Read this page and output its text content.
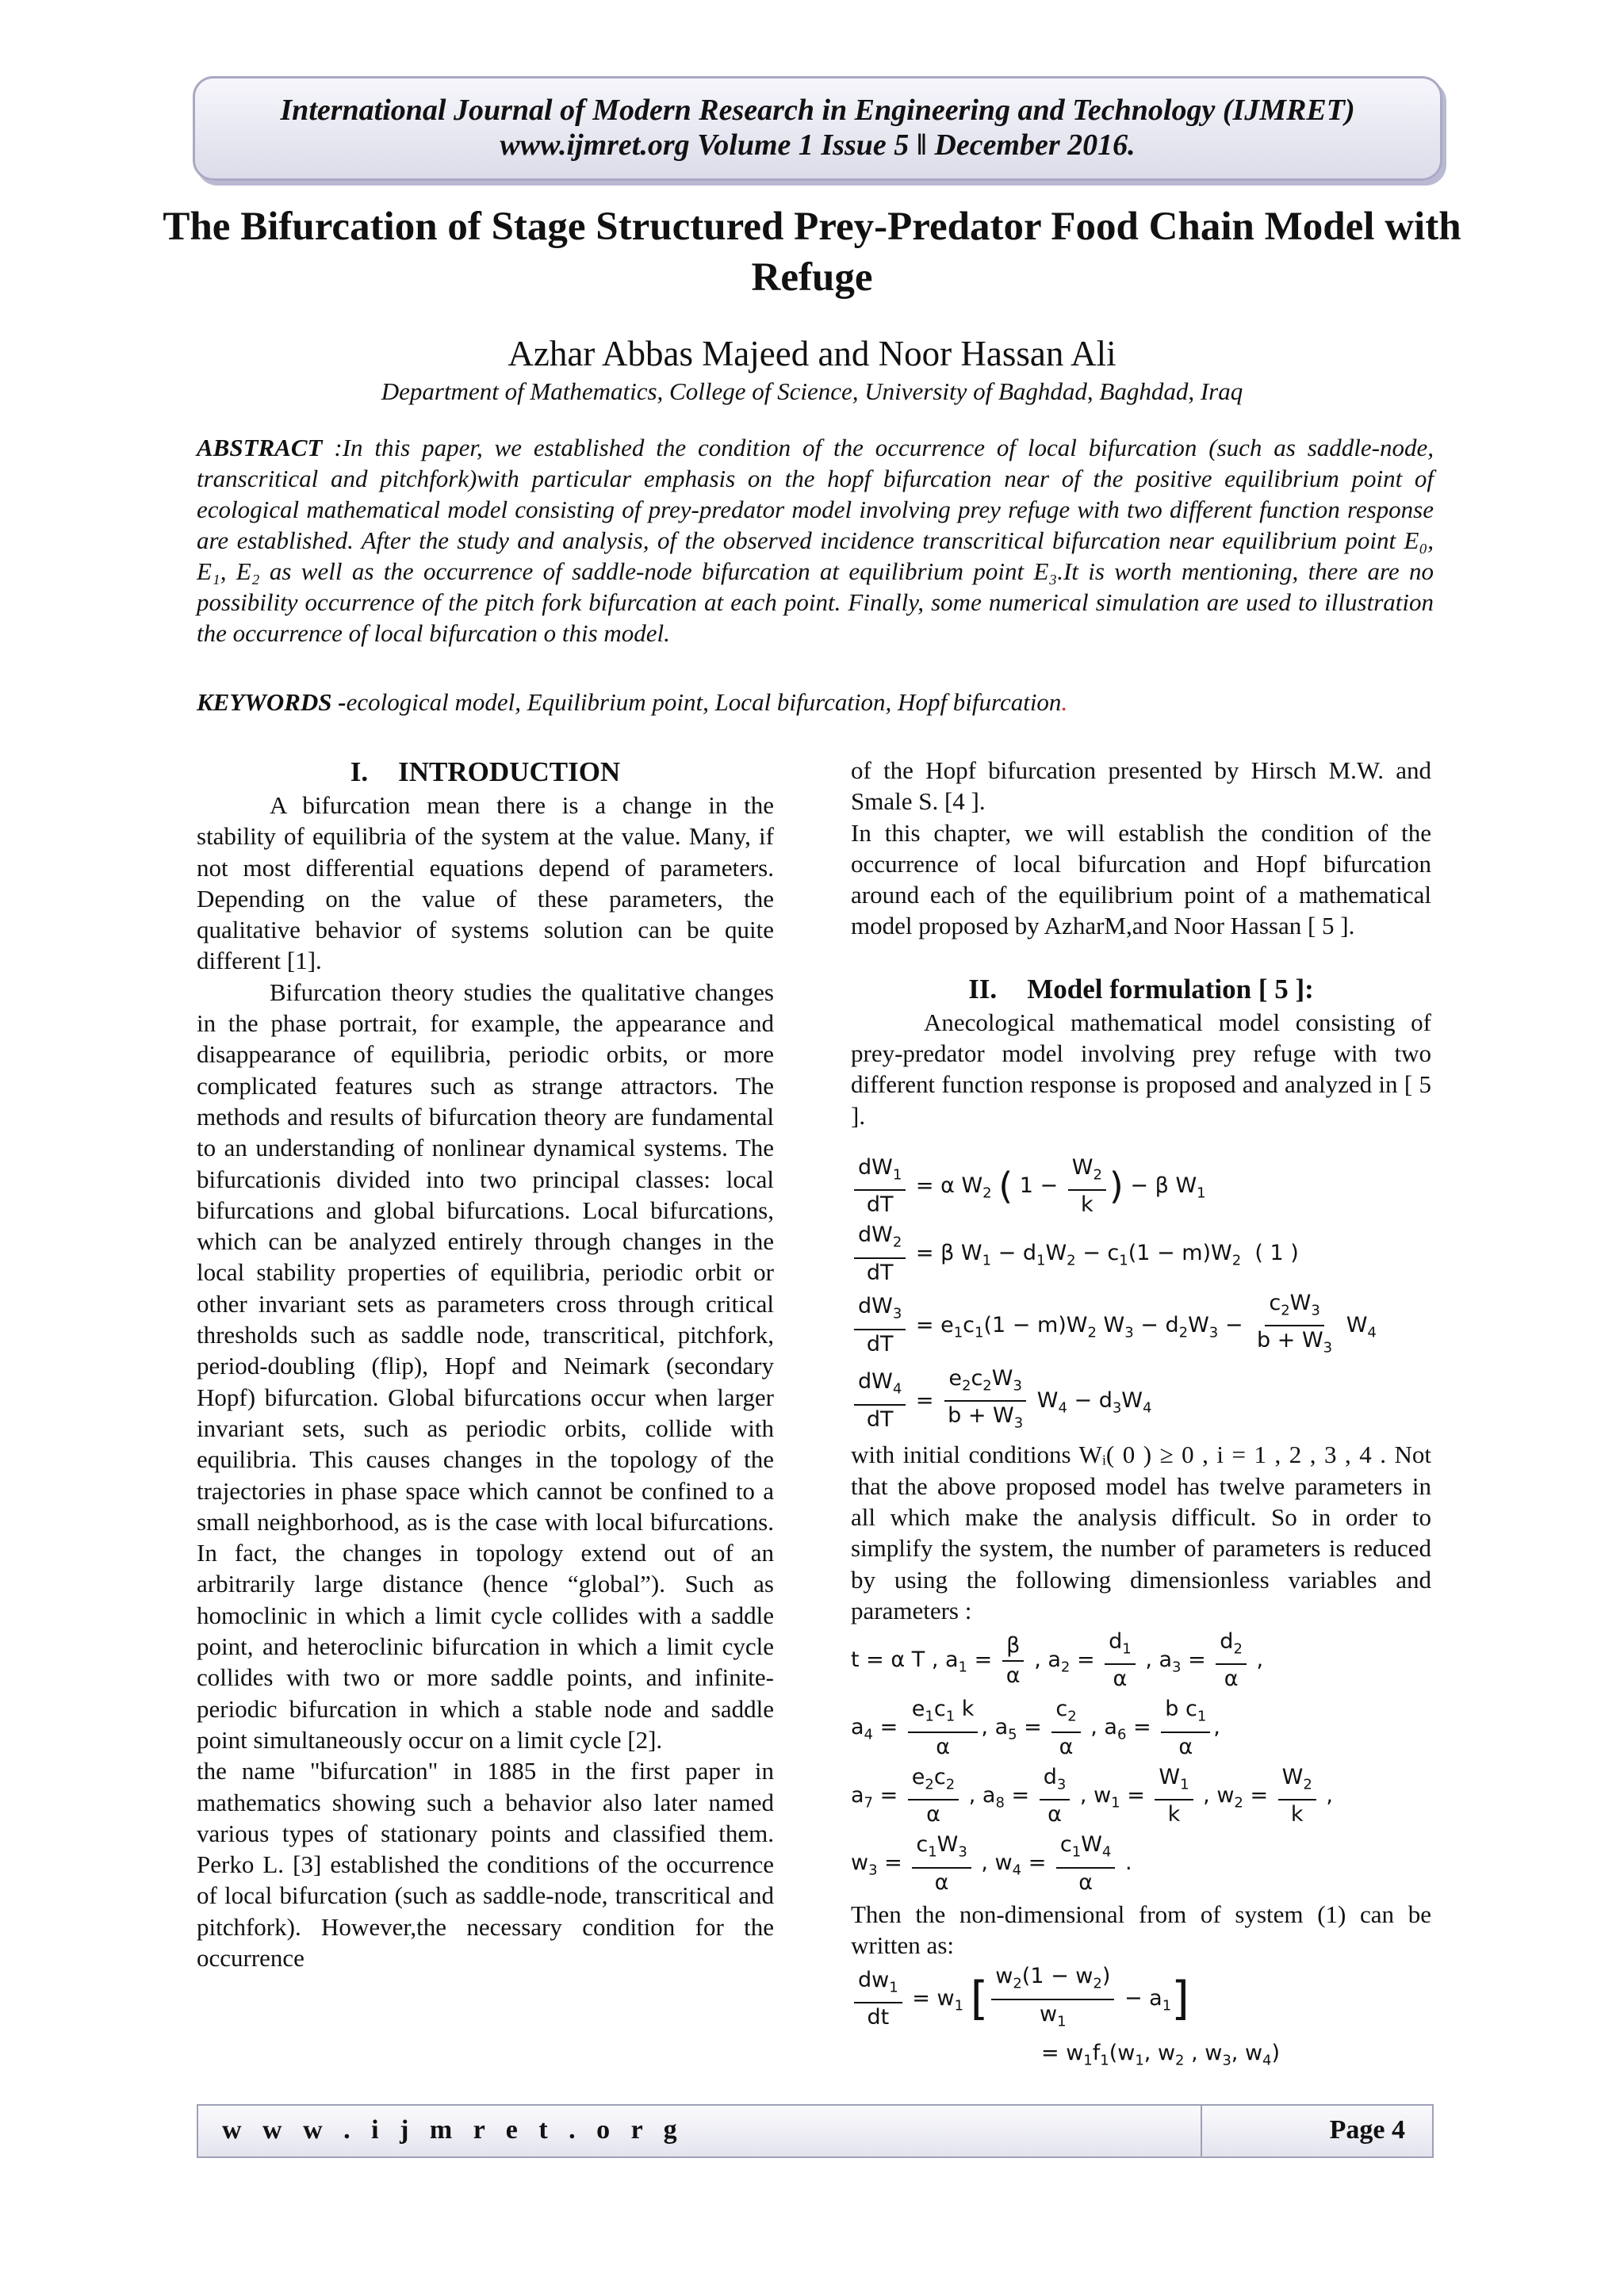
International Journal of Modern Research in Engineering and Technology (IJMRET)
www.ijmret.org Volume 1 Issue 5 ǁ December 2016.
The Bifurcation of Stage Structured Prey-Predator Food Chain Model with Refuge
Azhar Abbas Majeed and Noor Hassan Ali
Department of Mathematics, College of Science, University of Baghdad, Baghdad, Iraq
ABSTRACT :In this paper, we established the condition of the occurrence of local bifurcation (such as saddle-node, transcritical and pitchfork)with particular emphasis on the hopf bifurcation near of the positive equilibrium point of ecological mathematical model consisting of prey-predator model involving prey refuge with two different function response are established. After the study and analysis, of the observed incidence transcritical bifurcation near equilibrium point E₀, E₁, E₂ as well as the occurrence of saddle-node bifurcation at equilibrium point E₃.It is worth mentioning, there are no possibility occurrence of the pitch fork bifurcation at each point. Finally, some numerical simulation are used to illustration the occurrence of local bifurcation o this model.
KEYWORDS -ecological model, Equilibrium point, Local bifurcation, Hopf bifurcation.
I. INTRODUCTION

A bifurcation mean there is a change in the stability of equilibria of the system at the value. Many, if not most differential equations depend of parameters. Depending on the value of these parameters, the qualitative behavior of systems solution can be quite different [1].

Bifurcation theory studies the qualitative changes in the phase portrait, for example, the appearance and disappearance of equilibria, periodic orbits, or more complicated features such as strange attractors. The methods and results of bifurcation theory are fundamental to an understanding of nonlinear dynamical systems. The bifurcationis divided into two principal classes: local bifurcations and global bifurcations. Local bifurcations, which can be analyzed entirely through changes in the local stability properties of equilibria, periodic orbit or other invariant sets as parameters cross through critical thresholds such as saddle node, transcritical, pitchfork, period-doubling (flip), Hopf and Neimark (secondary Hopf) bifurcation. Global bifurcations occur when larger invariant sets, such as periodic orbits, collide with equilibria. This causes changes in the topology of the trajectories in phase space which cannot be confined to a small neighborhood, as is the case with local bifurcations. In fact, the changes in topology extend out of an arbitrarily large distance (hence “global”). Such as homoclinic in which a limit cycle collides with a saddle point, and heteroclinic bifurcation in which a limit cycle collides with two or more saddle points, and infinite-periodic bifurcation in which a stable node and saddle point simultaneously occur on a limit cycle [2].

the name "bifurcation" in 1885 in the first paper in mathematics showing such a behavior also later named various types of stationary points and classified them. Perko L. [3] established the conditions of the occurrence of local bifurcation (such as saddle-node, transcritical and pitchfork). However,the necessary condition for the occurrence

of the Hopf bifurcation presented by Hirsch M.W. and Smale S. [4 ].

In this chapter, we will establish the condition of the occurrence of local bifurcation and Hopf bifurcation around each of the equilibrium point of a mathematical model proposed by AzharM,and Noor Hassan [ 5 ].

II. Model formulation [ 5 ]:

Anecological mathematical model consisting of prey-predator model involving prey refuge with two different function response is proposed and analyzed in [ 5 ].

$\frac{dW_1}{dT} = \alpha$ $W_2$ ( $1 - \frac{W_2}{k}$ ) − β $W_1$
$\frac{dW_2}{dT} = \beta$ $W_1 - d_1W_2 - c_1(1 - m)W_2$ ( 1 )
$\frac{dW_3}{dT} = e_1c_1(1 - m)W_2$ $W_3 - d_2W_3 - \frac{c_2W_3}{b + W_3} W_4$
$\frac{dW_4}{dT} = \frac{e_2c_2W_3}{b + W_3} W_4 - d_3W_4$

with initial conditions Wᵢ( 0 ) ≥ 0 , i = 1 , 2 , 3 , 4 . Not that the above proposed model has twelve parameters in all which make the analysis difficult. So in order to simplify the system, the number of parameters is reduced by using the following dimensionless variables and parameters :

t = α T , $a_1 = \frac{\beta}{\alpha}$ , $a_2 = \frac{d_1}{\alpha}$ , $a_3 = \frac{d_2}{\alpha}$ ,
$a_4 = \frac{e_1c_1 k}{\alpha}$ , $a_5 = \frac{c_2}{\alpha}$ , $a_6 = \frac{b c_1}{\alpha}$ ,
$a_7 = \frac{e_2c_2}{\alpha}$ , $a_8 = \frac{d_3}{\alpha}$ , $w_1 = \frac{W_1}{k}$ , $w_2 = \frac{W_2}{k}$ ,
$w_3 = \frac{c_1W_3}{\alpha}$ , $w_4 = \frac{c_1W_4}{\alpha}$ .

Then the non-dimensional from of system (1) can be written as:

$\frac{dw_1}{dt} = w_1$ [ $\frac{w_2(1 - w_2)}{w_1} - a_1$]
= $w_1f_1(w_1$, $w_2$ , $w_3$, $w_4$)
w w w . i j m r e t . o r g	Page 4
